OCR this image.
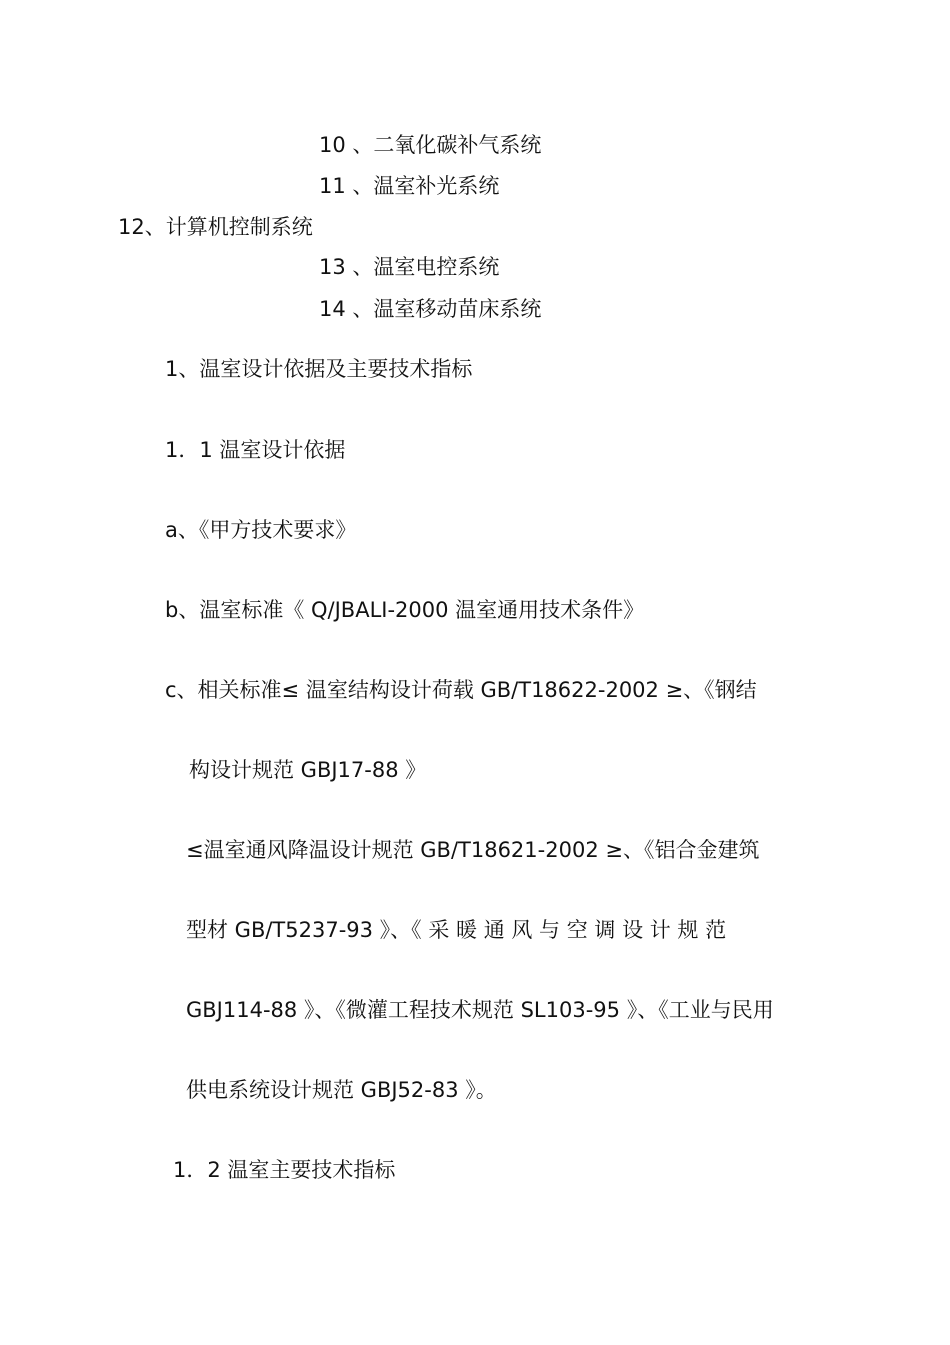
10 、二氧化碳补气系统
11 、温室补光系统
12、计算机控制系统
13 、温室电控系统
14 、温室移动苗床系统
1、温室设计依据及主要技术指标
1．1 温室设计依据
a、《甲方技术要求》
b、温室标准《 Q/JBALI-2000 温室通用技术条件》
c、相关标准≤ 温室结构设计荷载 GB/T18622-2002 ≥、《钢结
构设计规范 GBJ17-88 》
≤温室通风降温设计规范 GB/T18621-2002 ≥、《铝合金建筑
型材 GB/T5237-93 》、《 采 暖 通 风 与 空 调 设 计 规 范
GBJ114-88 》、《微灌工程技术规范 SL103-95 》、《工业与民用
供电系统设计规范 GBJ52-83 》。
1．2 温室主要技术指标
